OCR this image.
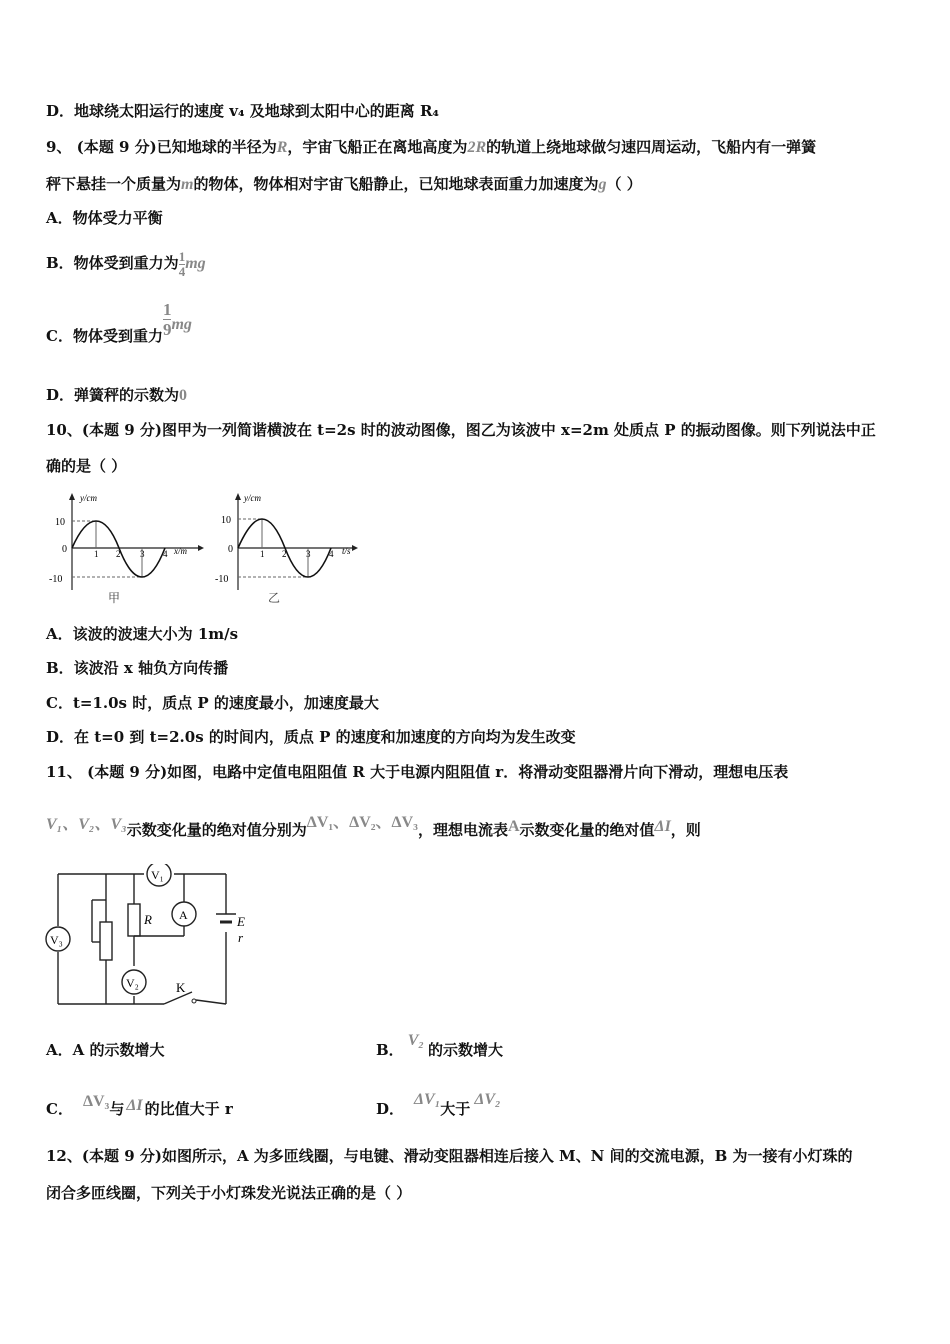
D．地球绕太阳运行的速度 v₄ 及地球到太阳中心的距离 R₄
9、 (本题 9 分)已知地球的半径为R，宇宙飞船正在离地高度为2R的轨道上绕地球做匀速四周运动，飞船内有一弹簧
秤下悬挂一个质量为m的物体，物体相对宇宙飞船静止，已知地球表面重力加速度为g（ ）
A．物体受力平衡
B．物体受到重力为 $\frac{1}{4}$ mg
C．物体受到重力 $\frac{1}{9}$ mg
D．弹簧秤的示数为0
10、(本题 9 分)图甲为一列简谐横波在 t=2s 时的波动图像，图乙为该波中 x=2m 处质点 P 的振动图像。则下列说法中正
确的是（ ）
y/cm
10
-10
0	1 2 3 4 x/m
甲
y/cm
10
-10
0	1 2 3 4 t/s
乙
A．该波的波速大小为 1m/s
B．该波沿 x 轴负方向传播
C．t=1.0s 时，质点 P 的速度最小，加速度最大
D．在 t=0 到 t=2.0s 的时间内，质点 P 的速度和加速度的方向均为发生改变
11、 (本题 9 分)如图，电路中定值电阻阻值 R 大于电源内阻阻值 r．将滑动变阻器滑片向下滑动，理想电压表
V₁、V₂、V₃示数变化量的绝对值分别为ΔV₁、ΔV₂、ΔV₃，理想电流表A示数变化量的绝对值ΔI，则
V₁
V₃
V₂
A
R	E
r
K
A．A 的示数增大	B．V₂的示数增大
C． ΔV₃与 ΔI 的比值大于 r	D．ΔV₁大于ΔV₂
12、(本题 9 分)如图所示，A 为多匝线圈，与电键、滑动变阻器相连后接入 M、N 间的交流电源，B 为一接有小灯珠的
闭合多匝线圈，下列关于小灯珠发光说法正确的是（ ）
